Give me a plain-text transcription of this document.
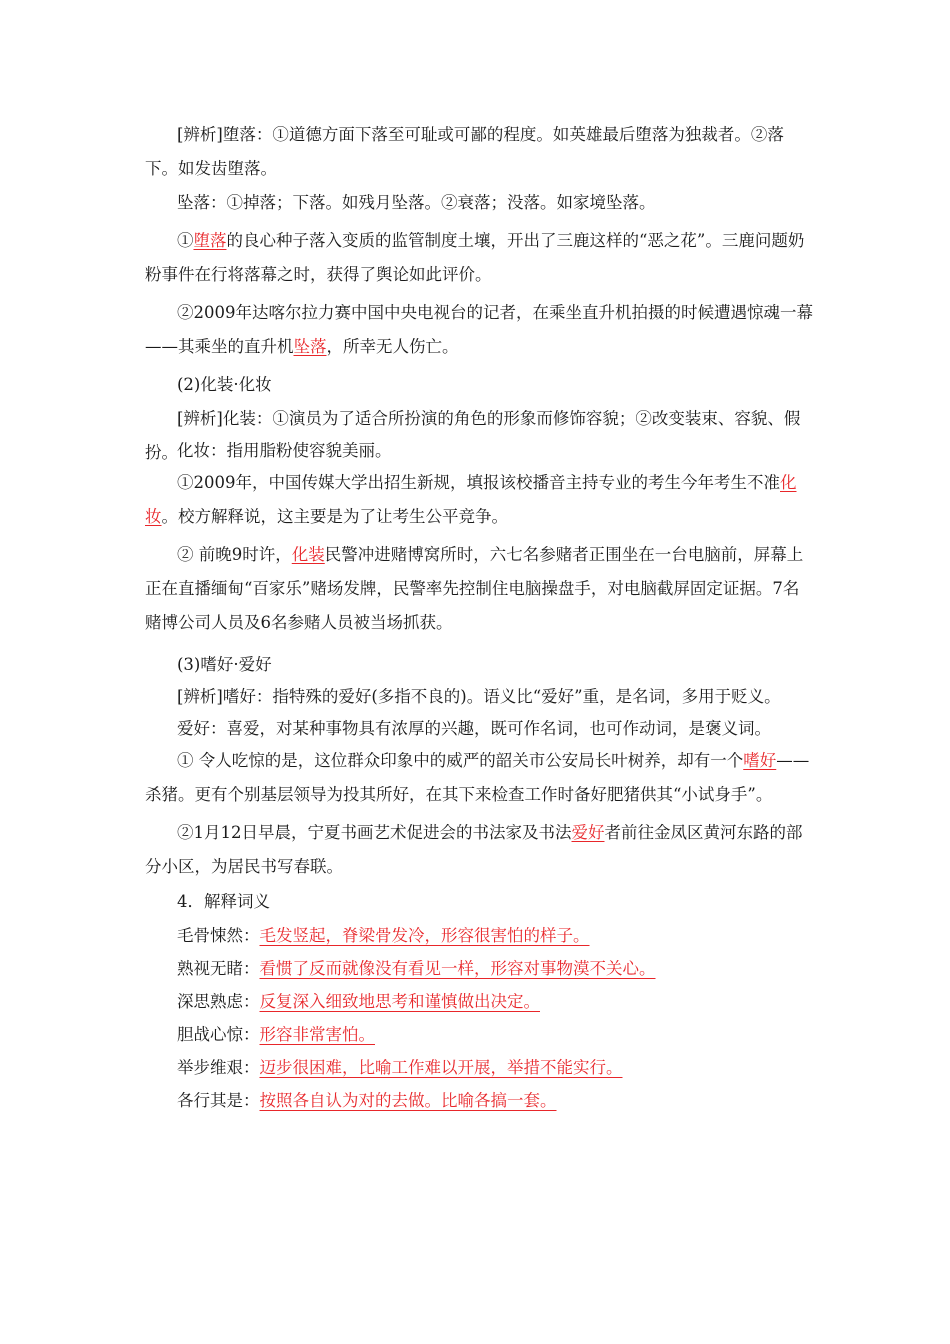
[辨析]堕落：①道德方面下落至可耻或可鄙的程度。如英雄最后堕落为独裁者。②落下。如发齿堕落。

坠落：①掉落；下落。如残月坠落。②衰落；没落。如家境坠落。

①堕落的良心种子落入变质的监管制度土壤，开出了三鹿这样的“恶之花”。三鹿问题奶粉事件在行将落幕之时，获得了舆论如此评价。

②2009年达喀尔拉力赛中国中央电视台的记者，在乘坐直升机拍摄的时候遭遇惊魂一幕——其乘坐的直升机坠落，所幸无人伤亡。

(2)化装·化妆

[辨析]化装：①演员为了适合所扮演的角色的形象而修饰容貌；②改变装束、容貌、假扮。 化妆：指用脂粉使容貌美丽。

①2009年，中国传媒大学出招生新规，填报该校播音主持专业的考生今年考生不准化妆。校方解释说，这主要是为了让考生公平竞争。

② 前晚9时许，化装民警冲进赌博窝所时，六七名参赌者正围坐在一台电脑前，屏幕上正在直播缅甸“百家乐”赌场发牌，民警率先控制住电脑操盘手，对电脑截屏固定证据。7名赌博公司人员及6名参赌人员被当场抓获。

(3)嗜好·爱好

[辨析]嗜好：指特殊的爱好(多指不良的)。语义比“爱好”重，是名词，多用于贬义。

爱好：喜爱，对某种事物具有浓厚的兴趣，既可作名词，也可作动词，是褒义词。

① 令人吃惊的是，这位群众印象中的威严的韶关市公安局长叶树养，却有一个嗜好——杀猪。更有个别基层领导为投其所好，在其下来检查工作时备好肥猪供其“小试身手”。

②1月12日早晨，宁夏书画艺术促进会的书法家及书法爱好者前往金凤区黄河东路的部分小区，为居民书写春联。

4．解释词义
毛骨悚然：毛发竖起，脊梁骨发冷，形容很害怕的样子。
熟视无睹：看惯了反而就像没有看见一样，形容对事物漠不关心。
深思熟虑：反复深入细致地思考和谨慎做出决定。
胆战心惊：形容非常害怕。
举步维艰：迈步很困难，比喻工作难以开展，举措不能实行。
各行其是：按照各自认为对的去做。比喻各搞一套。
